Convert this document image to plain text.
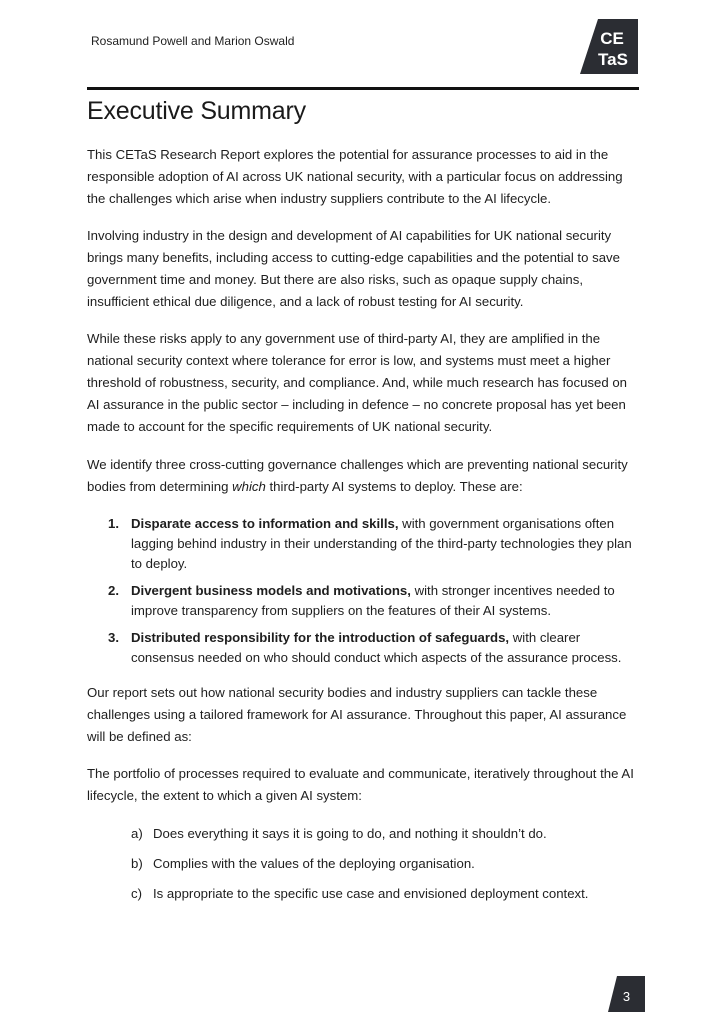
Rosamund Powell and Marion Oswald	CE
TaS
Executive Summary

This CETaS Research Report explores the potential for assurance processes to aid in the responsible adoption of AI across UK national security, with a particular focus on addressing the challenges which arise when industry suppliers contribute to the AI lifecycle.

Involving industry in the design and development of AI capabilities for UK national security brings many benefits, including access to cutting-edge capabilities and the potential to save government time and money. But there are also risks, such as opaque supply chains, insufficient ethical due diligence, and a lack of robust testing for AI security.

While these risks apply to any government use of third-party AI, they are amplified in the national security context where tolerance for error is low, and systems must meet a higher threshold of robustness, security, and compliance. And, while much research has focused on AI assurance in the public sector – including in defence – no concrete proposal has yet been made to account for the specific requirements of UK national security.

We identify three cross-cutting governance challenges which are preventing national security bodies from determining which third-party AI systems to deploy. These are:

1. Disparate access to information and skills, with government organisations often lagging behind industry in their understanding of the third-party technologies they plan to deploy.
2. Divergent business models and motivations, with stronger incentives needed to improve transparency from suppliers on the features of their AI systems.
3. Distributed responsibility for the introduction of safeguards, with clearer consensus needed on who should conduct which aspects of the assurance process.

Our report sets out how national security bodies and industry suppliers can tackle these challenges using a tailored framework for AI assurance. Throughout this paper, AI assurance will be defined as:

The portfolio of processes required to evaluate and communicate, iteratively throughout the AI lifecycle, the extent to which a given AI system:

a) Does everything it says it is going to do, and nothing it shouldn’t do.
b) Complies with the values of the deploying organisation.
c) Is appropriate to the specific use case and envisioned deployment context.
3
